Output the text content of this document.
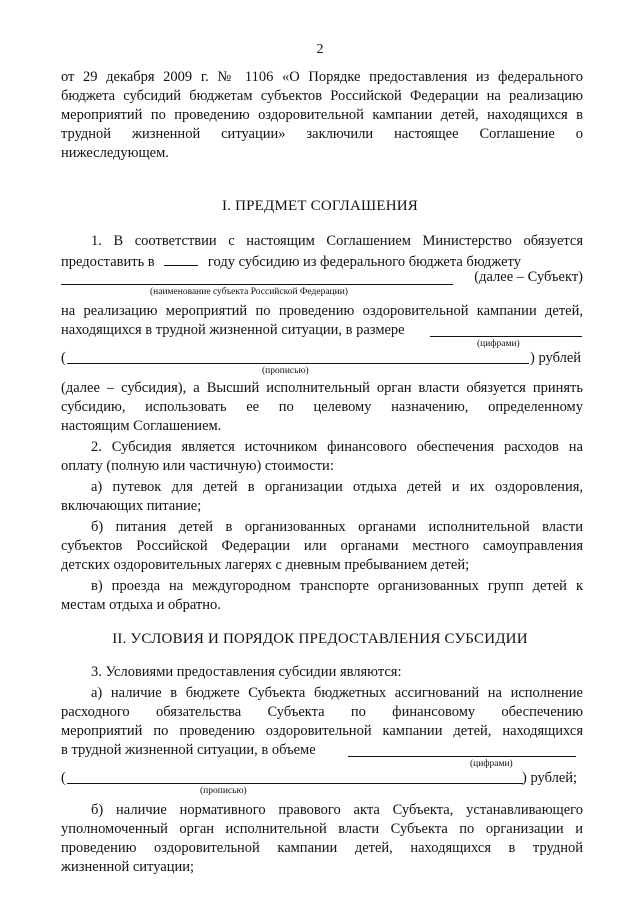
2
от 29 декабря 2009 г. № 1106 «О Порядке предоставления из федерального
бюджета субсидий бюджетам субъектов Российской Федерации на реализацию
мероприятий по проведению оздоровительной кампании детей, находящихся в
трудной жизненной ситуации» заключили настоящее Соглашение о
нижеследующем.
I. ПРЕДМЕТ СОГЛАШЕНИЯ
1. В соответствии с настоящим Соглашением Министерство обязуется
предоставить в	году субсидию из федерального бюджета бюджету
(далее – Субъект)
(наименование субъекта Российской Федерации)
на реализацию мероприятий по проведению оздоровительной кампании детей,
находящихся в трудной жизненной ситуации, в размере
(цифрами)
(	) рублей
(прописью)
(далее – субсидия), а Высший исполнительный орган власти обязуется принять
субсидию, использовать ее по целевому назначению, определенному
настоящим Соглашением.
2. Субсидия является источником финансового обеспечения расходов на
оплату (полную или частичную) стоимости:
а) путевок для детей в организации отдыха детей и их оздоровления,
включающих питание;
б) питания детей в организованных органами исполнительной власти
субъектов Российской Федерации или органами местного самоуправления
детских оздоровительных лагерях с дневным пребыванием детей;
в) проезда на междугородном транспорте организованных групп детей к
местам отдыха и обратно.
II. УСЛОВИЯ И ПОРЯДОК ПРЕДОСТАВЛЕНИЯ СУБСИДИИ
3. Условиями предоставления субсидии являются:
а) наличие в бюджете Субъекта бюджетных ассигнований на исполнение
расходного обязательства Субъекта по финансовому обеспечению
мероприятий по проведению оздоровительной кампании детей, находящихся
в трудной жизненной ситуации, в объеме
(цифрами)
(	) рублей;
(прописью)
б) наличие нормативного правового акта Субъекта, устанавливающего
уполномоченный орган исполнительной власти Субъекта по организации и
проведению оздоровительной кампании детей, находящихся в трудной
жизненной ситуации;
